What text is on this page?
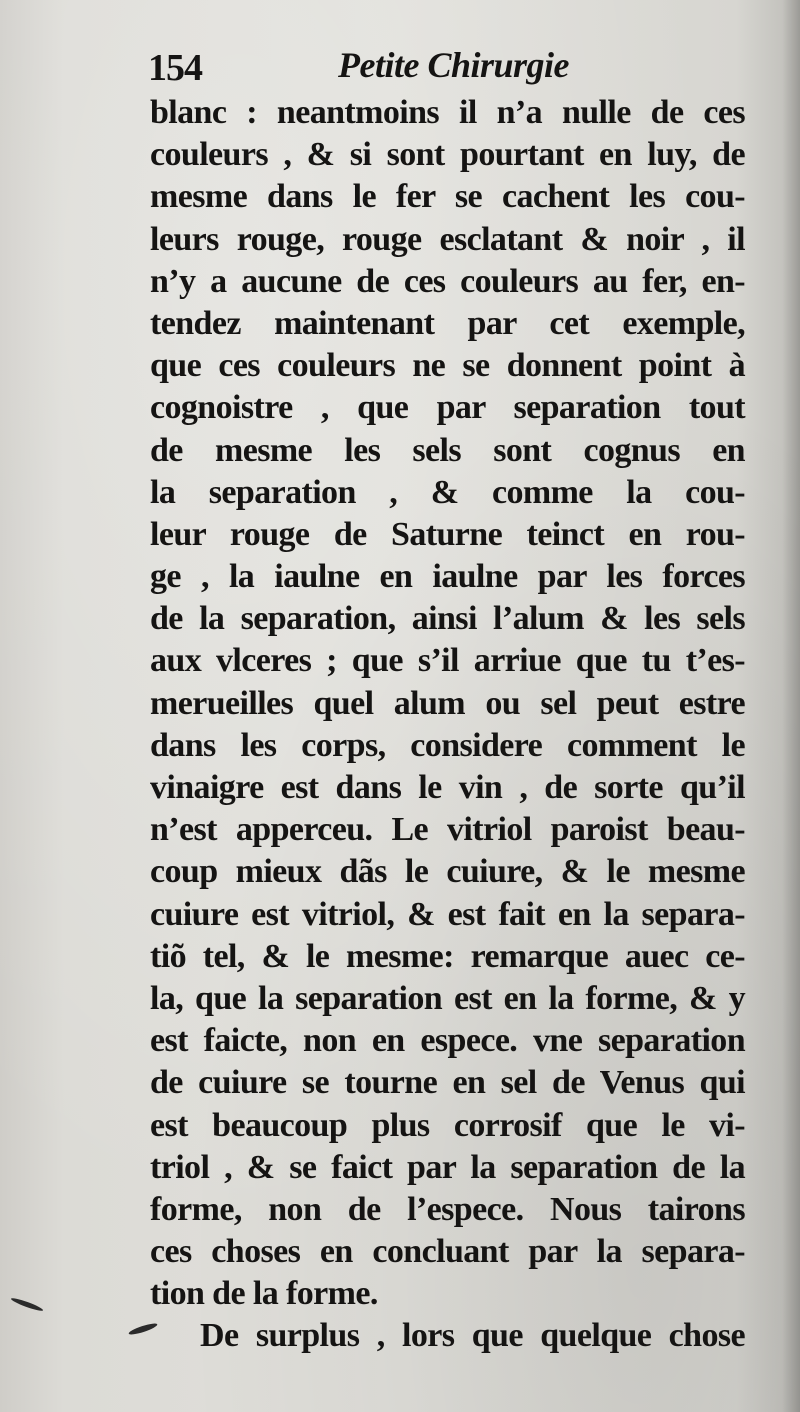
154	Petite Chirurgie
blanc : neantmoins il n’a nulle de ces
couleurs , & si sont pourtant en luy, de
mesme dans le fer se cachent les cou-
leurs rouge, rouge esclatant & noir , il
n’y a aucune de ces couleurs au fer, en-
tendez maintenant par cet exemple,
que ces couleurs ne se donnent point à
cognoistre , que par separation tout
de mesme les sels sont cognus en
la separation , & comme la cou-
leur rouge de Saturne teinct en rou-
ge , la iaulne en iaulne par les forces
de la separation, ainsi l’alum & les sels
aux vlceres ; que s’il arriue que tu t’es-
merueilles quel alum ou sel peut estre
dans les corps, considere comment le
vinaigre est dans le vin , de sorte qu’il
n’est apperceu. Le vitriol paroist beau-
coup mieux dãs le cuiure, & le mesme
cuiure est vitriol, & est fait en la separa-
tiõ tel, & le mesme: remarque auec ce-
la, que la separation est en la forme, & y
est faicte, non en espece. vne separation
de cuiure se tourne en sel de Venus qui
est beaucoup plus corrosif que le vi-
triol , & se faict par la separation de la
forme, non de l’espece. Nous tairons
ces choses en concluant par la separa-
tion de la forme.
De surplus , lors que quelque chose
